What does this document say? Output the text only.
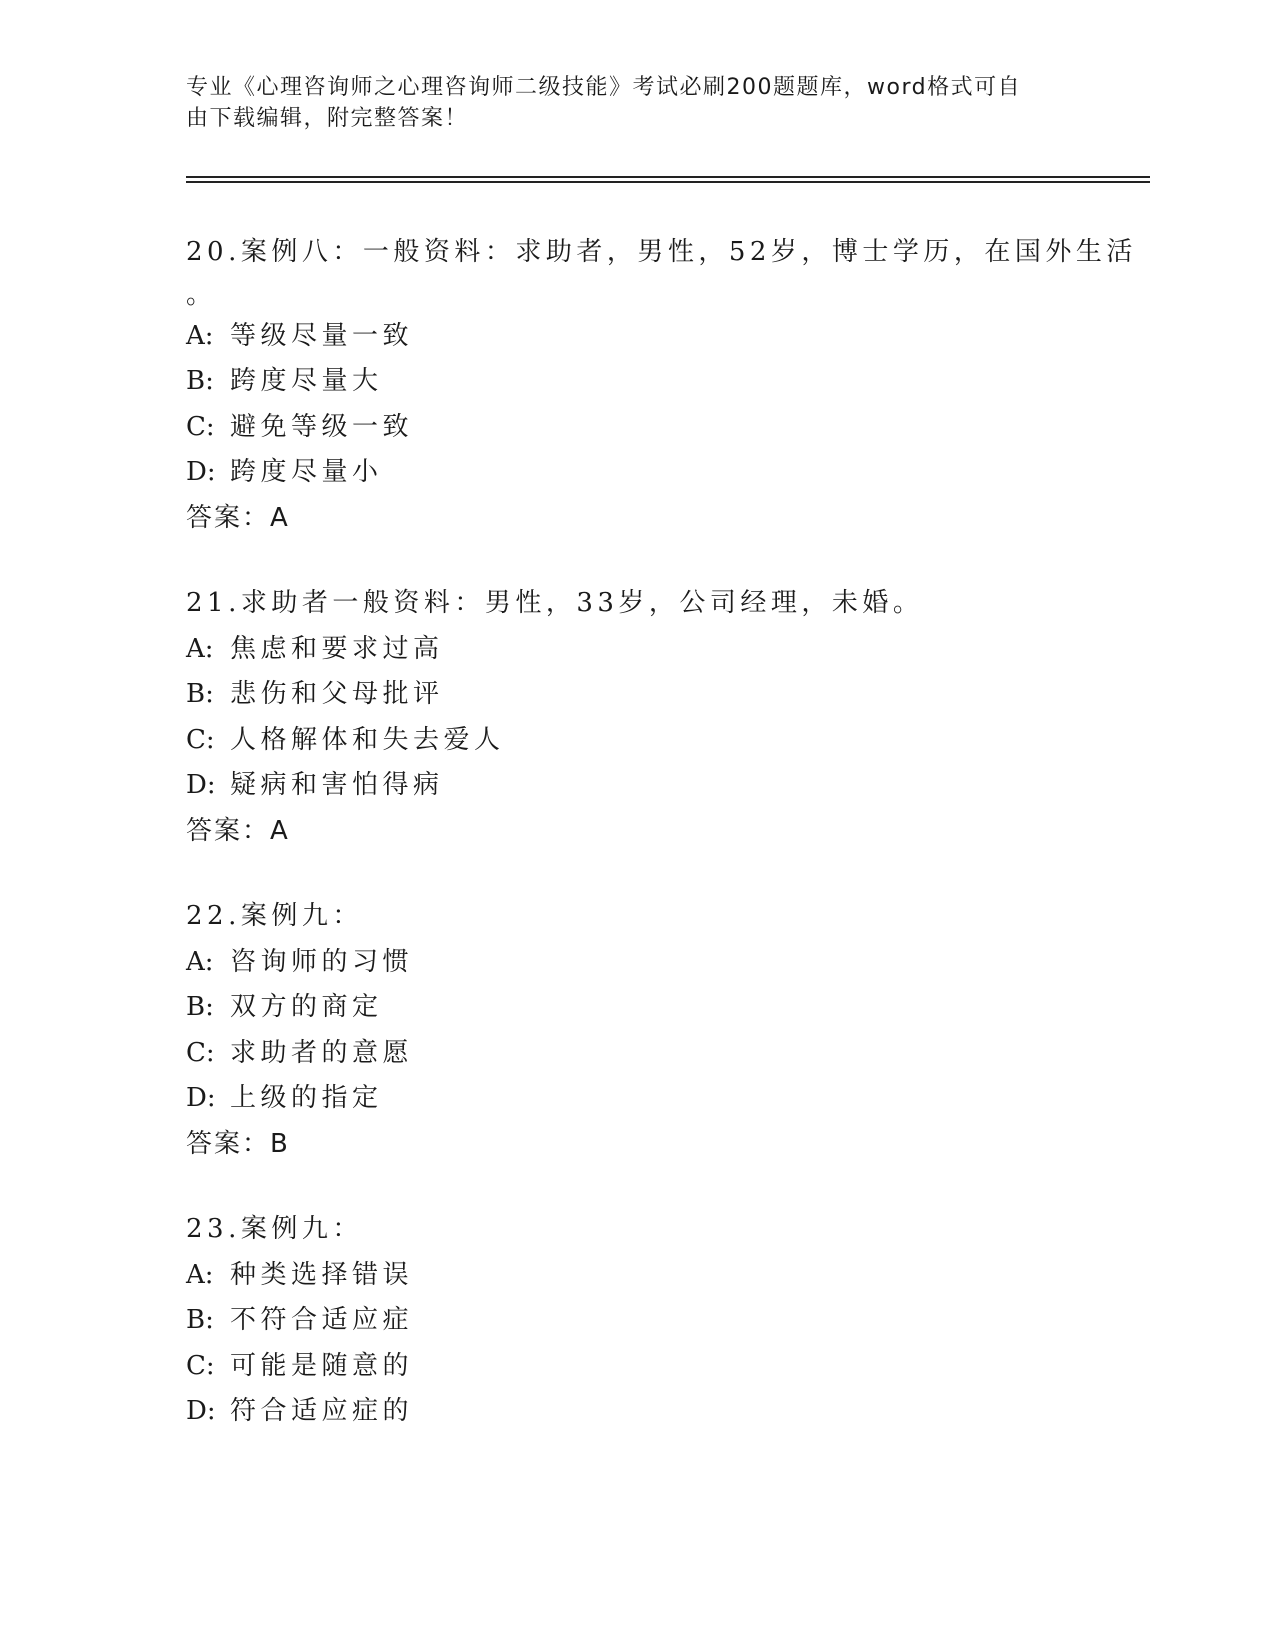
专业《心理咨询师之心理咨询师二级技能》考试必刷200题题库，word格式可自
由下载编辑，附完整答案！
20.案例八：一般资料：求助者，男性，52岁，博士学历，在国外生活
。
A: 等级尽量一致
B: 跨度尽量大
C: 避免等级一致
D: 跨度尽量小
答案：A
21.求助者一般资料：男性，33岁，公司经理，未婚。
A: 焦虑和要求过高
B: 悲伤和父母批评
C: 人格解体和失去爱人
D: 疑病和害怕得病
答案：A
22.案例九：
A: 咨询师的习惯
B: 双方的商定
C: 求助者的意愿
D: 上级的指定
答案：B
23.案例九：
A: 种类选择错误
B: 不符合适应症
C: 可能是随意的
D: 符合适应症的
